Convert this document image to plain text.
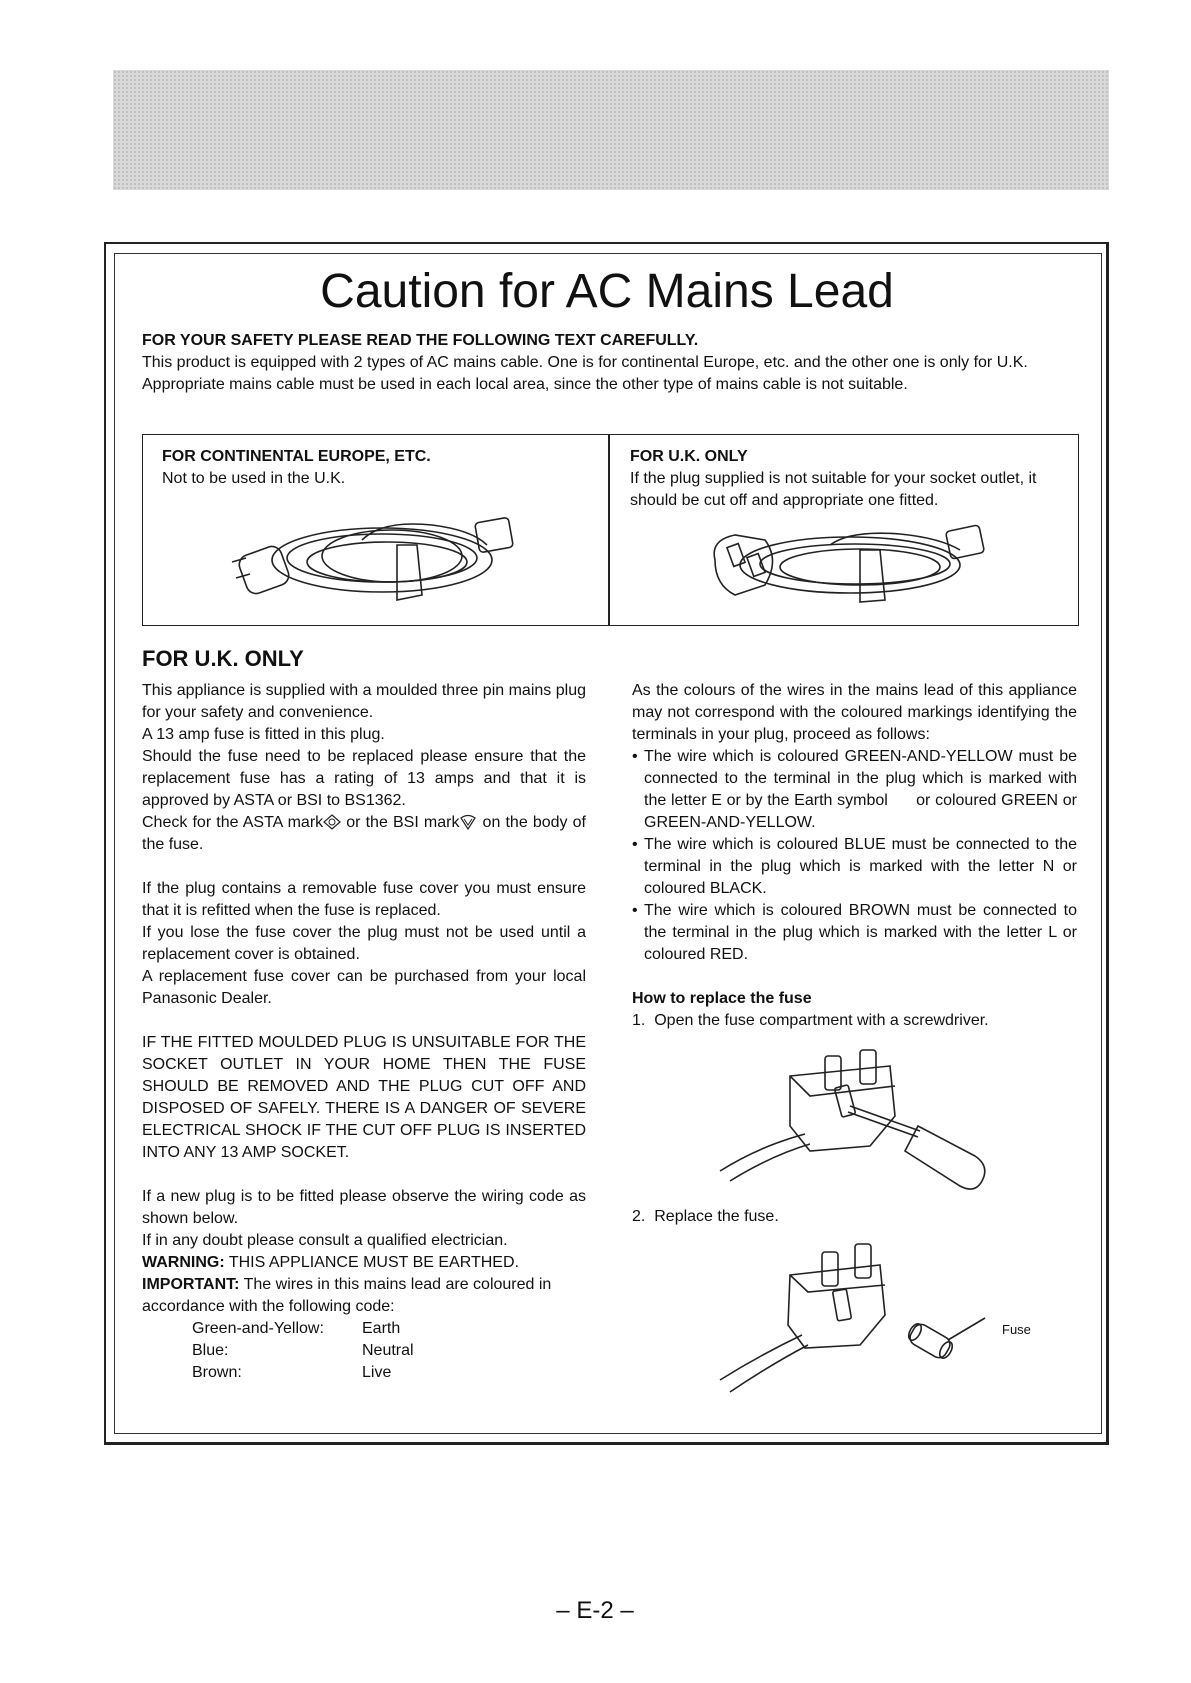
Caution for AC Mains Lead
FOR YOUR SAFETY PLEASE READ THE FOLLOWING TEXT CAREFULLY.
This product is equipped with 2 types of AC mains cable. One is for continental Europe, etc. and the other one is only for U.K.
Appropriate mains cable must be used in each local area, since the other type of mains cable is not suitable.
FOR CONTINENTAL EUROPE, ETC.
Not to be used in the U.K.
FOR U.K. ONLY
If the plug supplied is not suitable for your socket outlet, it should be cut off and appropriate one fitted.
FOR U.K. ONLY

This appliance is supplied with a moulded three pin mains plug for your safety and convenience.

A 13 amp fuse is fitted in this plug.

Should the fuse need to be replaced please ensure that the replacement fuse has a rating of 13 amps and that it is approved by ASTA or BSI to BS1362.

Check for the ASTA mark or the BSI mark on the body of the fuse.

If the plug contains a removable fuse cover you must ensure that it is refitted when the fuse is replaced.

If you lose the fuse cover the plug must not be used until a replacement cover is obtained.

A replacement fuse cover can be purchased from your local Panasonic Dealer.

IF THE FITTED MOULDED PLUG IS UNSUITABLE FOR THE SOCKET OUTLET IN YOUR HOME THEN THE FUSE SHOULD BE REMOVED AND THE PLUG CUT OFF AND DISPOSED OF SAFELY. THERE IS A DANGER OF SEVERE ELECTRICAL SHOCK IF THE CUT OFF PLUG IS INSERTED INTO ANY 13 AMP SOCKET.

If a new plug is to be fitted please observe the wiring code as shown below.

If in any doubt please consult a qualified electrician.

WARNING: THIS APPLIANCE MUST BE EARTHED.

IMPORTANT: The wires in this mains lead are coloured in accordance with the following code:

Green-and-Yellow:	Earth
Blue:	Neutral
Brown:	Live

As the colours of the wires in the mains lead of this appliance may not correspond with the coloured markings identifying the terminals in your plug, proceed as follows:

• The wire which is coloured GREEN-AND-YELLOW must be connected to the terminal in the plug which is marked with the letter E or by the Earth symbol      or coloured GREEN or GREEN-AND-YELLOW.
• The wire which is coloured BLUE must be connected to the terminal in the plug which is marked with the letter N or coloured BLACK.
• The wire which is coloured BROWN must be connected to the terminal in the plug which is marked with the letter L or coloured RED.

How to replace the fuse

1.  Open the fuse compartment with a screwdriver.

2.  Replace the fuse.
Fuse
– E-2 –
